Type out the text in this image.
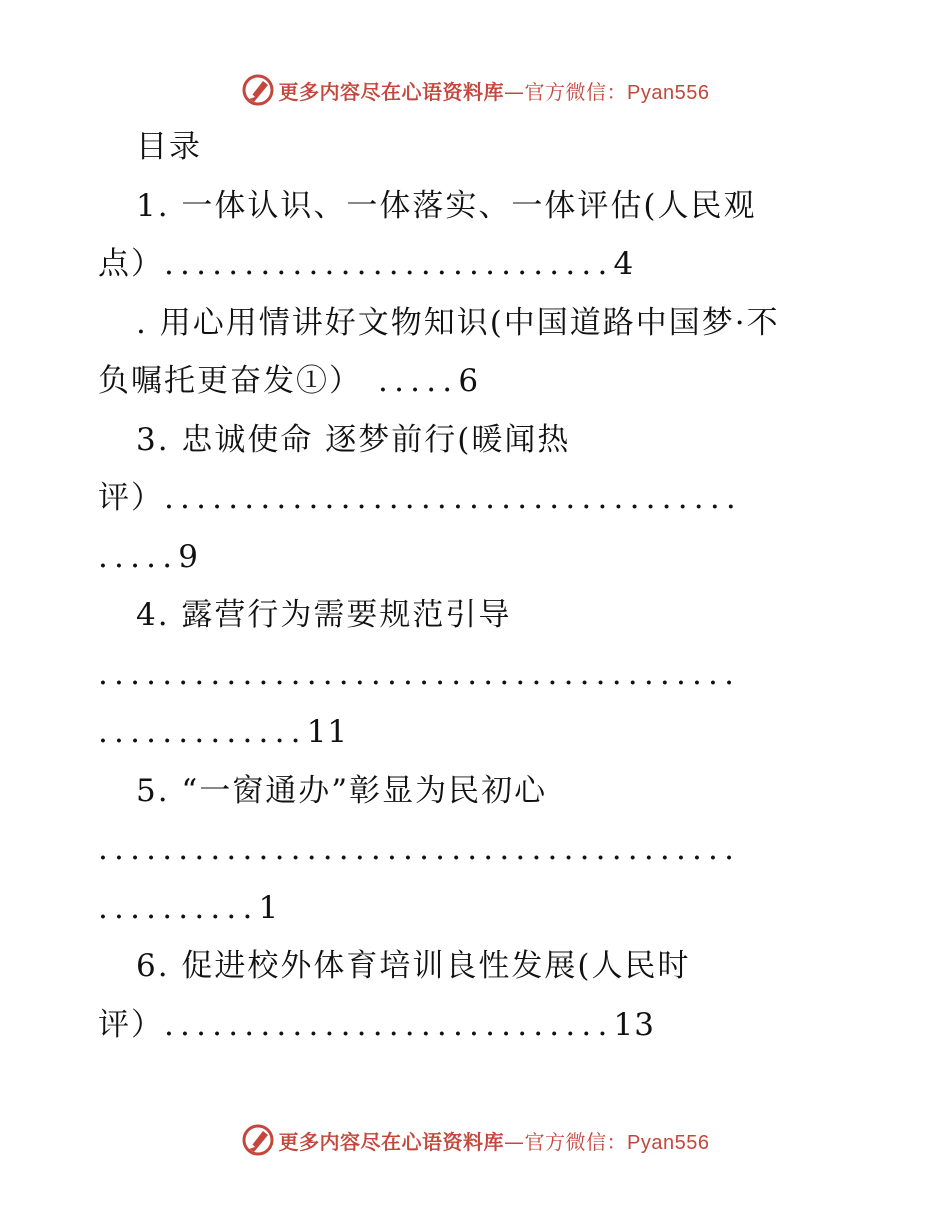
更多内容尽在心语资料库—官方微信：Pyan556
目录
1. 一体认识、一体落实、一体评估(人民观
点）............................4
. 用心用情讲好文物知识(中国道路中国梦·不
负嘱托更奋发①） .....6
3. 忠诚使命 逐梦前行(暖闻热
评）....................................
.....9
4. 露营行为需要规范引导
........................................
.............11
5. “一窗通办”彰显为民初心
........................................
..........1
6. 促进校外体育培训良性发展(人民时
评）............................13
更多内容尽在心语资料库—官方微信：Pyan556
